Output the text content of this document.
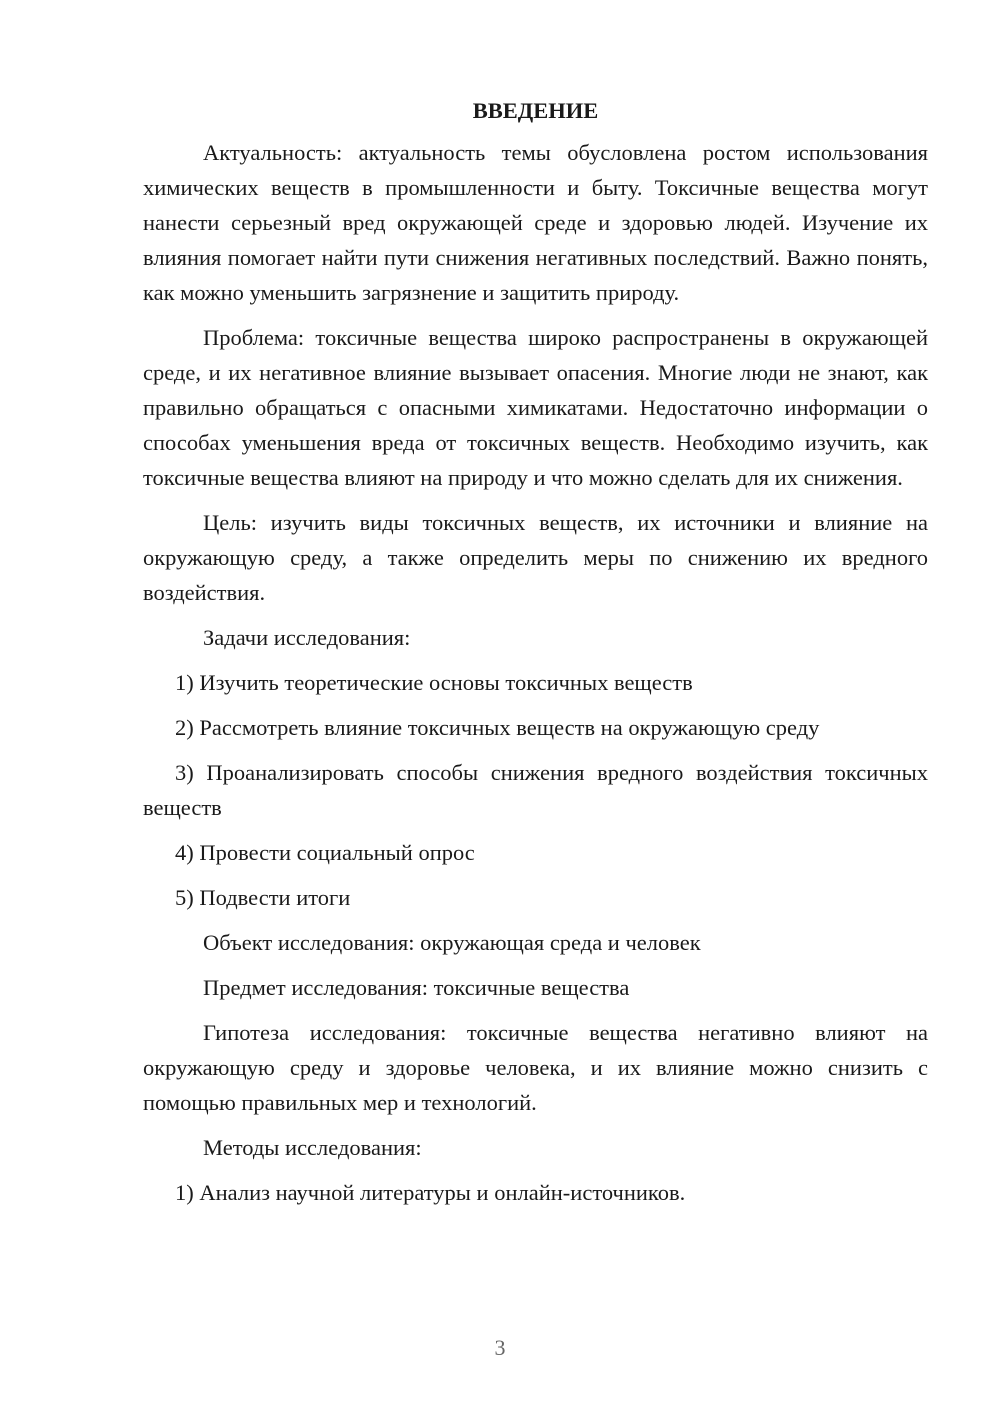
ВВЕДЕНИЕ

Актуальность: актуальность темы обусловлена ростом использования химических веществ в промышленности и быту. Токсичные вещества могут нанести серьезный вред окружающей среде и здоровью людей. Изучение их влияния помогает найти пути снижения негативных последствий. Важно понять, как можно уменьшить загрязнение и защитить природу.

Проблема: токсичные вещества широко распространены в окружающей среде, и их негативное влияние вызывает опасения. Многие люди не знают, как правильно обращаться с опасными химикатами. Недостаточно информации о способах уменьшения вреда от токсичных веществ. Необходимо изучить, как токсичные вещества влияют на природу и что можно сделать для их снижения.

Цель: изучить виды токсичных веществ, их источники и влияние на окружающую среду, а также определить меры по снижению их вредного воздействия.

Задачи исследования:

1) Изучить теоретические основы токсичных веществ

2) Рассмотреть влияние токсичных веществ на окружающую среду

3) Проанализировать способы снижения вредного воздействия токсичных веществ

4) Провести социальный опрос

5) Подвести итоги

Объект исследования: окружающая среда и человек

Предмет исследования: токсичные вещества

Гипотеза исследования: токсичные вещества негативно влияют на окружающую среду и здоровье человека, и их влияние можно снизить с помощью правильных мер и технологий.

Методы исследования:

1) Анализ научной литературы и онлайн-источников.

3
